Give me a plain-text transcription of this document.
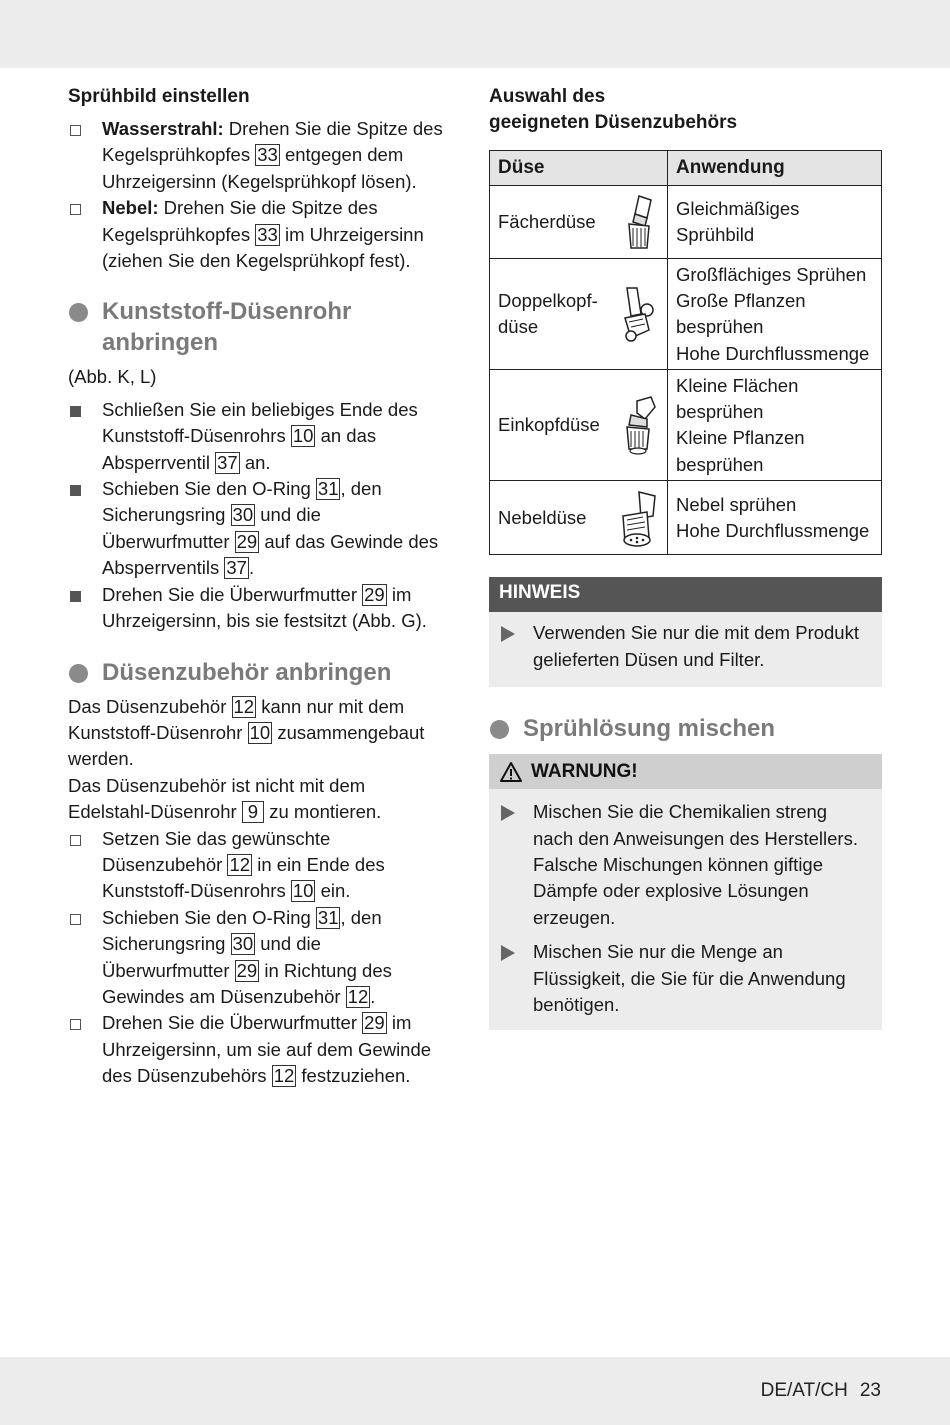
Sprühbild einstellen
Wasserstrahl: Drehen Sie die Spitze des Kegelsprühkopfes 33 entgegen dem Uhrzeigersinn (Kegelsprühkopf lösen).
Nebel: Drehen Sie die Spitze des Kegelsprühkopfes 33 im Uhrzeigersinn (ziehen Sie den Kegelsprühkopf fest).
Kunststoff-Düsenrohr anbringen

(Abb. K, L)

Schließen Sie ein beliebiges Ende des Kunststoff-Düsenrohrs 10 an das Absperrventil 37 an.
Schieben Sie den O-Ring 31 , den Sicherungsring 30 und die Überwurfmutter 29 auf das Gewinde des Absperrventils 37 .
Drehen Sie die Überwurfmutter 29 im Uhrzeigersinn, bis sie festsitzt (Abb. G).
Düsenzubehör anbringen

Das Düsenzubehör 12 kann nur mit dem Kunststoff-Düsenrohr 10 zusammengebaut werden.
Das Düsenzubehör ist nicht mit dem Edelstahl-Düsenrohr 9 zu montieren.

Setzen Sie das gewünschte Düsenzubehör 12 in ein Ende des Kunststoff-Düsenrohrs 10 ein.
Schieben Sie den O-Ring 31 , den Sicherungsring 30 und die Überwurfmutter 29 in Richtung des Gewindes am Düsenzubehör 12 .
Drehen Sie die Überwurfmutter 29 im Uhrzeigersinn, um sie auf dem Gewinde des Düsenzubehörs 12 festzuziehen.
Auswahl des
geeigneten Düsenzubehörs
Düse	Anwendung

Fächerdüse	Gleichmäßiges
Sprühbild

Doppelkopf-
düse	Großflächiges Sprühen
Große Pflanzen
besprühen
Hohe Durchflussmenge

Einkopfdüse	Kleine Flächen
besprühen
Kleine Pflanzen
besprühen

Nebeldüse	Nebel sprühen
Hohe Durchflussmenge
HINWEIS
Verwenden Sie nur die mit dem Produkt gelieferten Düsen und Filter.
Sprühlösung mischen
WARNUNG!
Mischen Sie die Chemikalien streng nach den Anweisungen des Herstellers. Falsche Mischungen können giftige Dämpfe oder explosive Lösungen erzeugen.
Mischen Sie nur die Menge an Flüssigkeit, die Sie für die Anwendung benötigen.
DE/AT/CH 23
